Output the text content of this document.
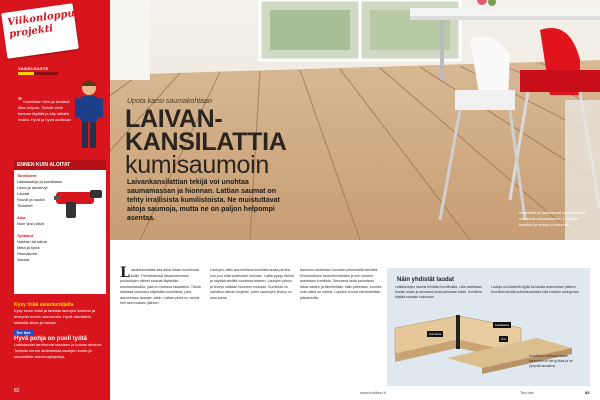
Viikonloppu-projekti
VAIKEUSASTE
“ Kumilistan tiivis ja kestävä liitos kelpaa. Tiivistä vielä kannan täyttää ja käy lattialle mokia. Hyvä ja hyvä uudistus!
ENNEN KUIN ALOITAT
Tarvikkeet
Lattialautoja ja kumilistaa
Liima ja aluslevyt
Laudat
Ruuvit ja naulat
Tiivisteet
Aika
Noin yksi päivä
Työkalut
Naulain tai sahat
Mitta ja kynä
Hiomakone
Vasara
Kysy lisää asiantuntijalta
Kysy ensin lisää ja tarkista lautojen kosteus ja leveydet ennen asennusta. Hyvä valmistelu säästää aikaa ja vaivaa.
Tee itse
Hyvä pohja on puoli työtä
Lattialaudat tarvitsevat tasaisen ja kuivan alustan. Tarkista ennen aloittamista lautojen kunto ja suunnittele asennusjärjestys.
82
Upota kansi saumakohtaan
LAIVAN-
KANSILATTIA
kumisaumoin
Laivankansilattian tekijä voi unohtaa saumamassan ja hionnan. Lattian saumat on tehty irrallisista kumilistoista. Ne muistuttavat aitoja saumoja, mutta ne on paljon helpompi asentaa.
Kumilistat ja lattialaudat sopivat myös moderniin sisustukseen. Lattia on kestävä ja helppo puhdistaa.

Laivankansilattia saa aitoa laivan tunnelmaa kotiin. Perinteisessä laivankannessa puulautojen väliset saumat täytetään saumamassalla, joka on hiottava tasaiseksi. Tässä lattiassa saumana käytetään kumilistaa, joka asennetaan lautojen väliin. Lattian pinta on valmis heti asennuksen jälkeen.

Lautojen väliin asennettava kumilista antaa periksi, kun puu elää kosteuden mukaan. Lattia pysyy tiiviinä ja näyttää siistiltä vuodesta toiseen. Lautojen pituus ja leveys valitaan huoneen mukaan. Kumilista on valmiiksi oikean levyinen, joten saumojen leveys on aina sama.

Asennus aloitetaan huoneen pisimmältä seinältä. Ensimmäinen lauta kiinnitetään ja sen viereen asetetaan kumilista. Seuraava lauta painetaan listaa vasten ja kiinnitetään. Näin jatketaan, kunnes koko lattia on valmis. Lopuksi reunat viimeistellään jalkalistoilla.

Näin yhdistät laudat
Lattialautojen sauma tehdään kumilistalla. Lista asetetaan laudan uraan ja seuraava lauta painetaan kiinni. Kumilista täyttää sauman kokonaan.
Lautoja voi käsitellä öljyllä tai lakalla asennuksen jälkeen. Kumilista kestää puhdistusaineita eikä haalistu auringossa.
Kumilista
Lattialauta
Ura
Kumilistan ansiosta lattian saumoihin ei kerry likaa ja ne pysyvät tasaisina.
www.kotiliesi.fi	Tee itse	83
